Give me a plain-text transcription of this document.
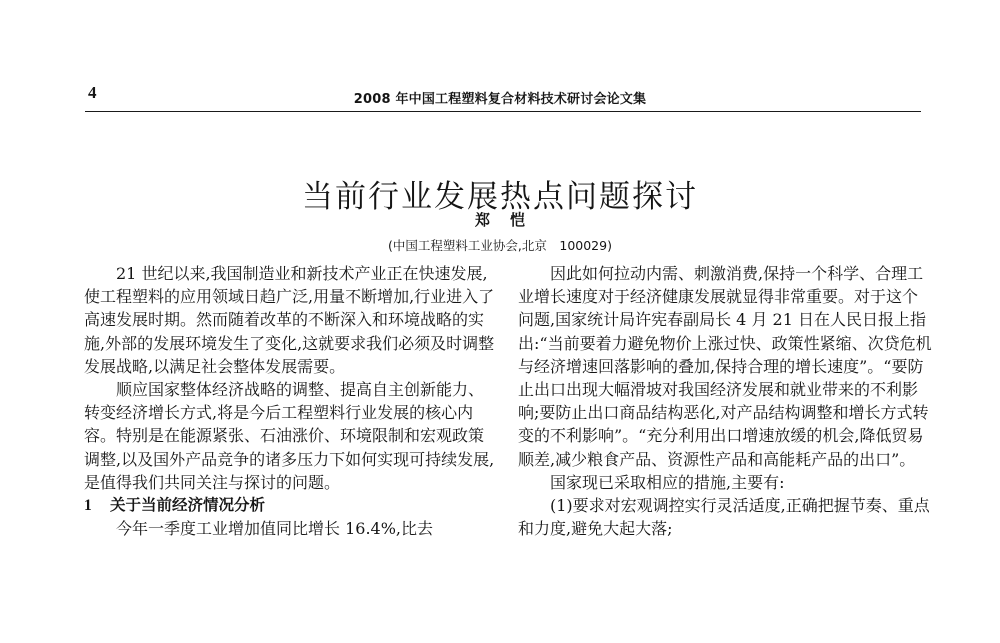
4	2008 年中国工程塑料复合材料技术研讨会论文集
当前行业发展热点问题探讨
郑恺
(中国工程塑料工业协会,北京　100029)

21 世纪以来,我国制造业和新技术产业正在快速发展,使工程塑料的应用领域日趋广泛,用量不断增加,行业进入了高速发展时期。然而随着改革的不断深入和环境战略的实施,外部的发展环境发生了变化,这就要求我们必须及时调整发展战略,以满足社会整体发展需要。

顺应国家整体经济战略的调整、提高自主创新能力、转变经济增长方式,将是今后工程塑料行业发展的核心内容。特别是在能源紧张、石油涨价、环境限制和宏观政策调整,以及国外产品竞争的诸多压力下如何实现可持续发展,是值得我们共同关注与探讨的问题。

1 关于当前经济情况分析

今年一季度工业增加值同比增长 16.4%,比去

因此如何拉动内需、刺激消费,保持一个科学、合理工业增长速度对于经济健康发展就显得非常重要。对于这个问题,国家统计局许宪春副局长 4 月 21 日在人民日报上指出:“当前要着力避免物价上涨过快、政策性紧缩、次贷危机与经济增速回落影响的叠加,保持合理的增长速度”。“要防止出口出现大幅滑坡对我国经济发展和就业带来的不利影响;要防止出口商品结构恶化,对产品结构调整和增长方式转变的不利影响”。“充分利用出口增速放缓的机会,降低贸易顺差,减少粮食产品、资源性产品和高能耗产品的出口”。

国家现已采取相应的措施,主要有:

(1)要求对宏观调控实行灵活适度,正确把握节奏、重点和力度,避免大起大落;
